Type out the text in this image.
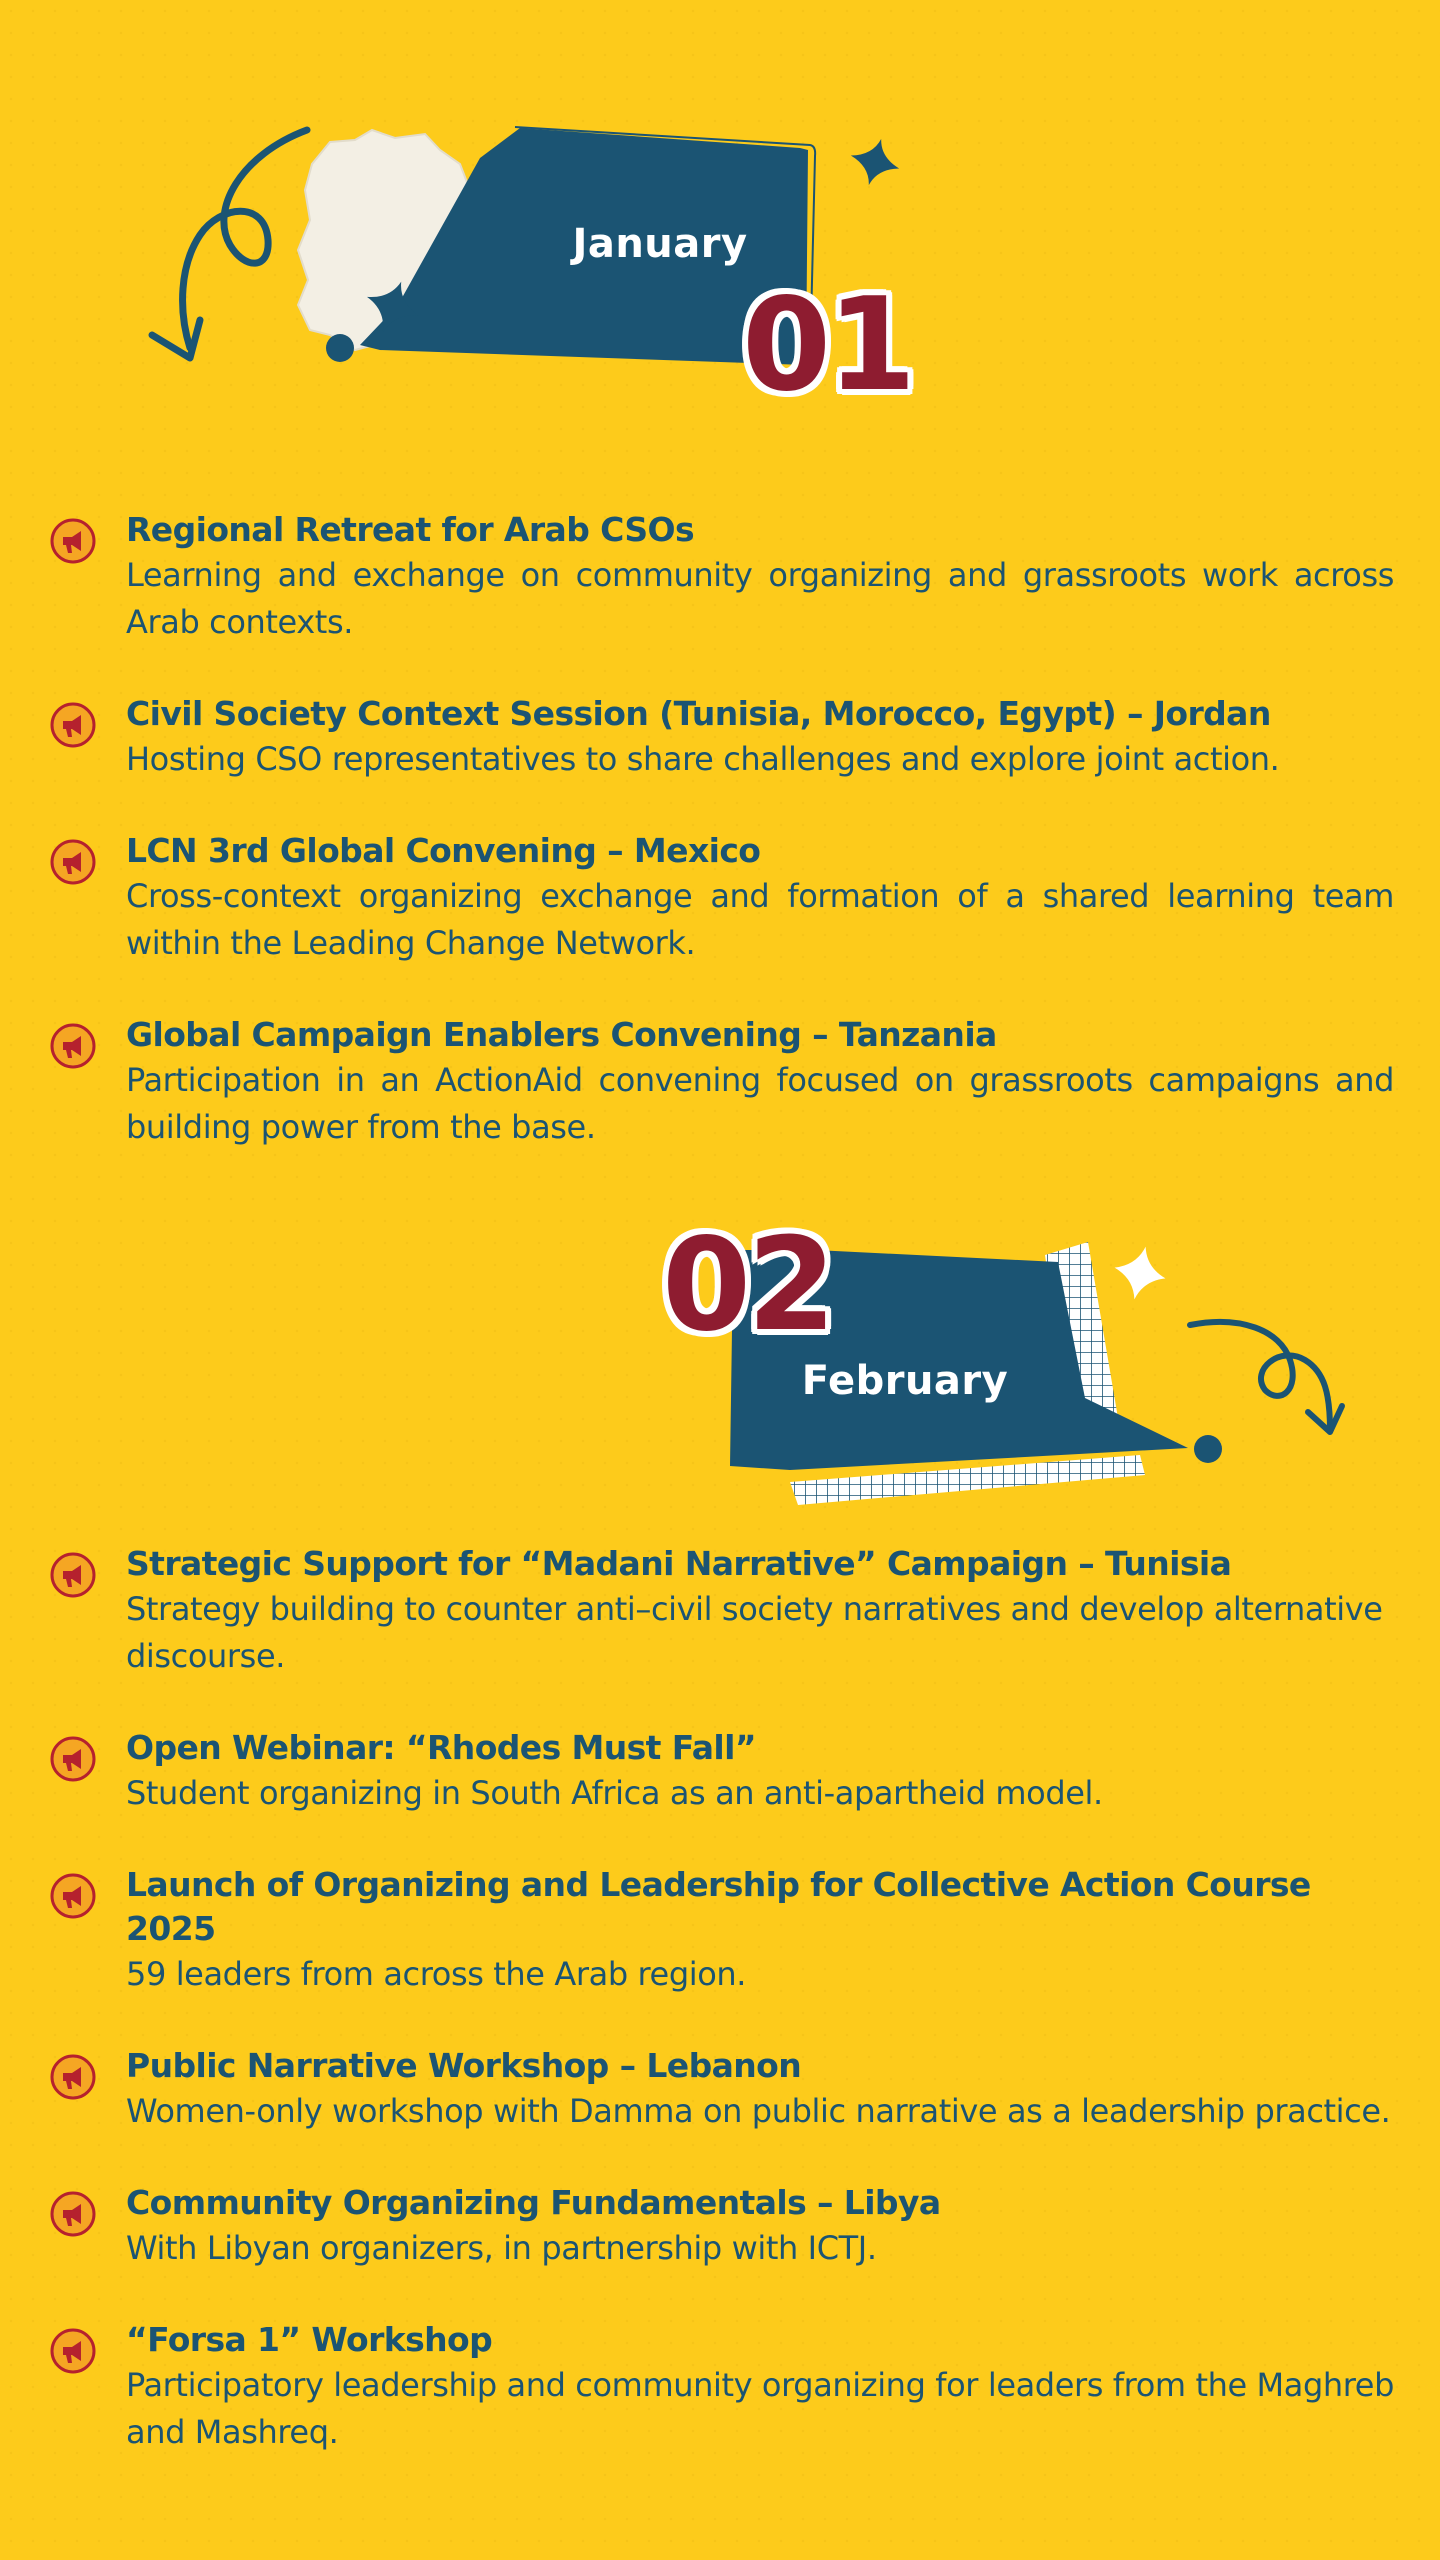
January
01

Regional Retreat for Arab CSOs

Learning and exchange on community organizing and grassroots work across Arab contexts.

Civil Society Context Session (Tunisia, Morocco, Egypt) – Jordan

Hosting CSO representatives to share challenges and explore joint action.

LCN 3rd Global Convening – Mexico

Cross-context organizing exchange and formation of a shared learning team within the Leading Change Network.

Global Campaign Enablers Convening – Tanzania

Participation in an ActionAid convening focused on grassroots campaigns and building power from the base.

February
02

Strategic Support for “Madani Narrative” Campaign – Tunisia

Strategy building to counter anti–civil society narratives and develop alternative discourse.

Open Webinar: “Rhodes Must Fall”

Student organizing in South Africa as an anti-apartheid model.

Launch of Organizing and Leadership for Collective Action Course 2025

59 leaders from across the Arab region.

Public Narrative Workshop – Lebanon

Women-only workshop with Damma on public narrative as a leadership practice.

Community Organizing Fundamentals – Libya

With Libyan organizers, in partnership with ICTJ.

“Forsa 1” Workshop

Participatory leadership and community organizing for leaders from the Maghreb and Mashreq.
